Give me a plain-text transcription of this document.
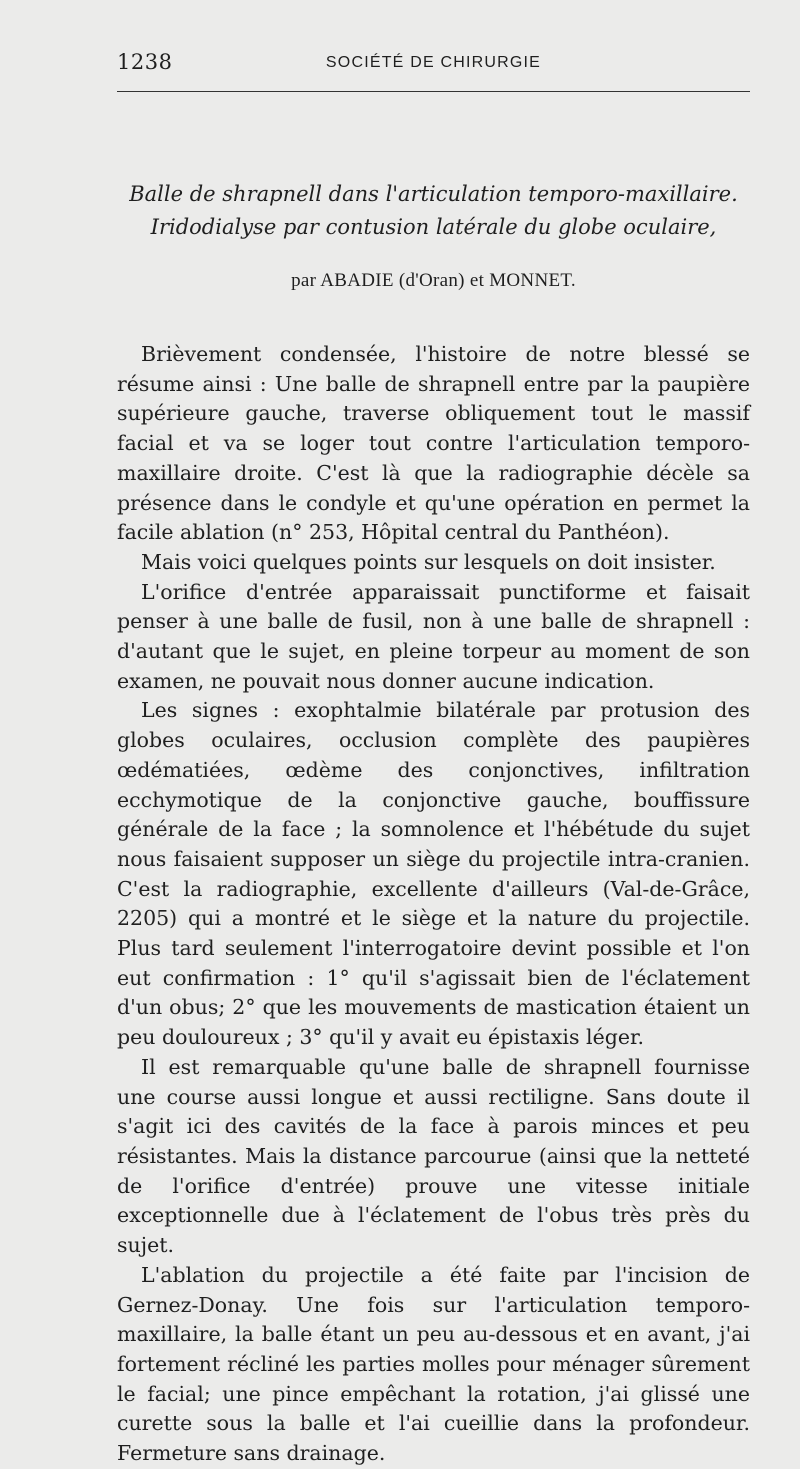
1238	SOCIÉTÉ DE CHIRURGIE
Balle de shrapnell dans l'articulation temporo-maxillaire.
Iridodialyse par contusion latérale du globe oculaire,
par ABADIE (d'Oran) et MONNET.

Brièvement condensée, l'histoire de notre blessé se résume ainsi : Une balle de shrapnell entre par la paupière supérieure gauche, traverse obliquement tout le massif facial et va se loger tout contre l'articulation temporo-maxillaire droite. C'est là que la radiographie décèle sa présence dans le condyle et qu'une opération en permet la facile ablation (n° 253, Hôpital central du Panthéon).

Mais voici quelques points sur lesquels on doit insister.

L'orifice d'entrée apparaissait punctiforme et faisait penser à une balle de fusil, non à une balle de shrapnell : d'autant que le sujet, en pleine torpeur au moment de son examen, ne pouvait nous donner aucune indication.

Les signes : exophtalmie bilatérale par protusion des globes oculaires, occlusion complète des paupières œdématiées, œdème des conjonctives, infiltration ecchymotique de la conjonctive gauche, bouffissure générale de la face ; la somnolence et l'hébétude du sujet nous faisaient supposer un siège du projectile intra-cranien. C'est la radiographie, excellente d'ailleurs (Val-de-Grâce, 2205) qui a montré et le siège et la nature du projectile. Plus tard seulement l'interrogatoire devint possible et l'on eut confirmation : 1° qu'il s'agissait bien de l'éclatement d'un obus; 2° que les mouvements de mastication étaient un peu douloureux ; 3° qu'il y avait eu épistaxis léger.

Il est remarquable qu'une balle de shrapnell fournisse une course aussi longue et aussi rectiligne. Sans doute il s'agit ici des cavités de la face à parois minces et peu résistantes. Mais la distance parcourue (ainsi que la netteté de l'orifice d'entrée) prouve une vitesse initiale exceptionnelle due à l'éclatement de l'obus très près du sujet.

L'ablation du projectile a été faite par l'incision de Gernez-Donay. Une fois sur l'articulation temporo-maxillaire, la balle étant un peu au-dessous et en avant, j'ai fortement récliné les parties molles pour ménager sûrement le facial; une pince empêchant la rotation, j'ai glissé une curette sous la balle et l'ai cueillie dans la profondeur. Fermeture sans drainage.
